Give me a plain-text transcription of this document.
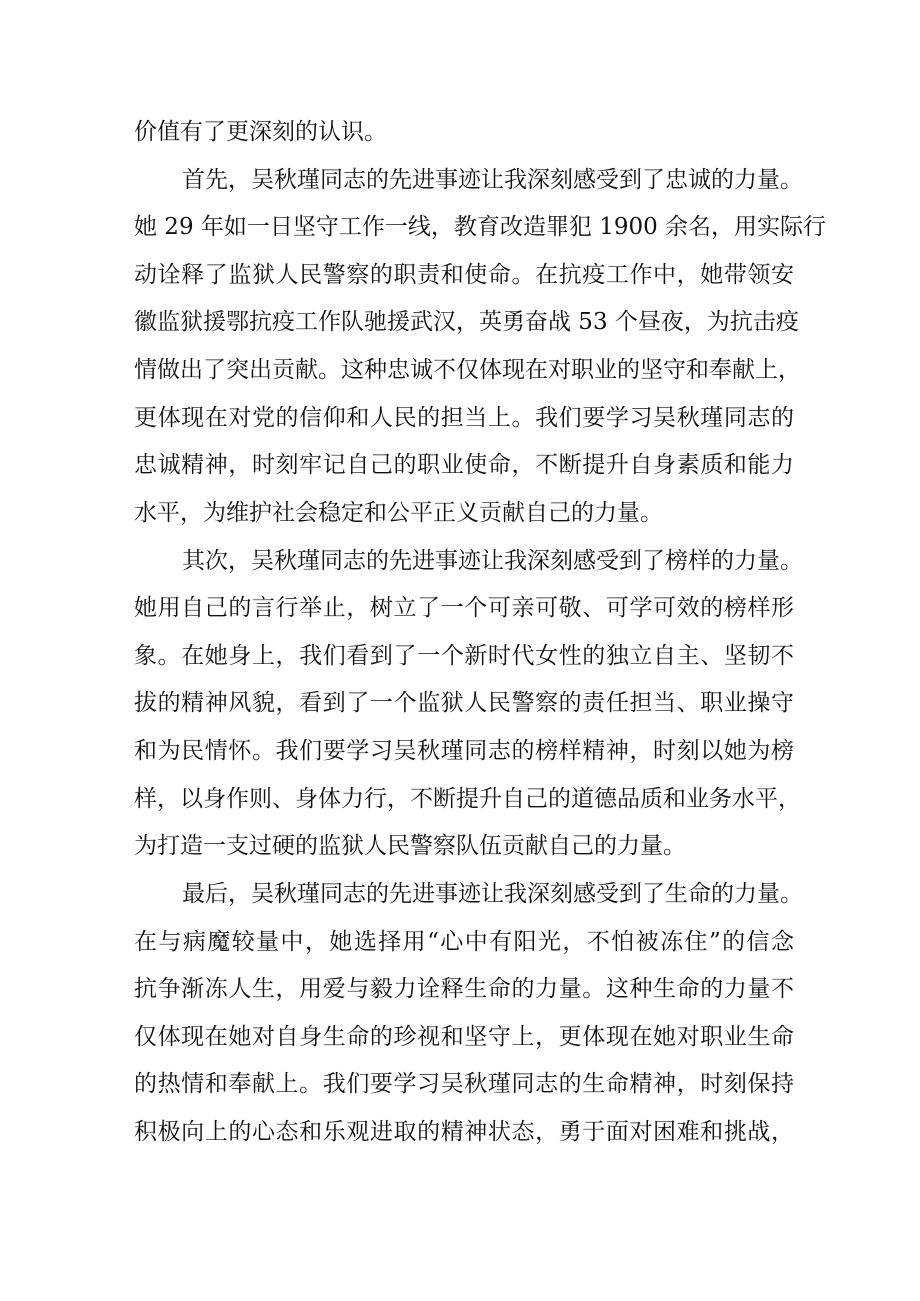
价值有了更深刻的认识。
首先，吴秋瑾同志的先进事迹让我深刻感受到了忠诚的力量。
她 29 年如一日坚守工作一线，教育改造罪犯 1900 余名，用实际行
动诠释了监狱人民警察的职责和使命。在抗疫工作中，她带领安
徽监狱援鄂抗疫工作队驰援武汉，英勇奋战 53 个昼夜，为抗击疫
情做出了突出贡献。这种忠诚不仅体现在对职业的坚守和奉献上，
更体现在对党的信仰和人民的担当上。我们要学习吴秋瑾同志的
忠诚精神，时刻牢记自己的职业使命，不断提升自身素质和能力
水平，为维护社会稳定和公平正义贡献自己的力量。
其次，吴秋瑾同志的先进事迹让我深刻感受到了榜样的力量。
她用自己的言行举止，树立了一个可亲可敬、可学可效的榜样形
象。在她身上，我们看到了一个新时代女性的独立自主、坚韧不
拔的精神风貌，看到了一个监狱人民警察的责任担当、职业操守
和为民情怀。我们要学习吴秋瑾同志的榜样精神，时刻以她为榜
样，以身作则、身体力行，不断提升自己的道德品质和业务水平，
为打造一支过硬的监狱人民警察队伍贡献自己的力量。
最后，吴秋瑾同志的先进事迹让我深刻感受到了生命的力量。
在与病魔较量中，她选择用“心中有阳光，不怕被冻住”的信念
抗争渐冻人生，用爱与毅力诠释生命的力量。这种生命的力量不
仅体现在她对自身生命的珍视和坚守上，更体现在她对职业生命
的热情和奉献上。我们要学习吴秋瑾同志的生命精神，时刻保持
积极向上的心态和乐观进取的精神状态，勇于面对困难和挑战，
